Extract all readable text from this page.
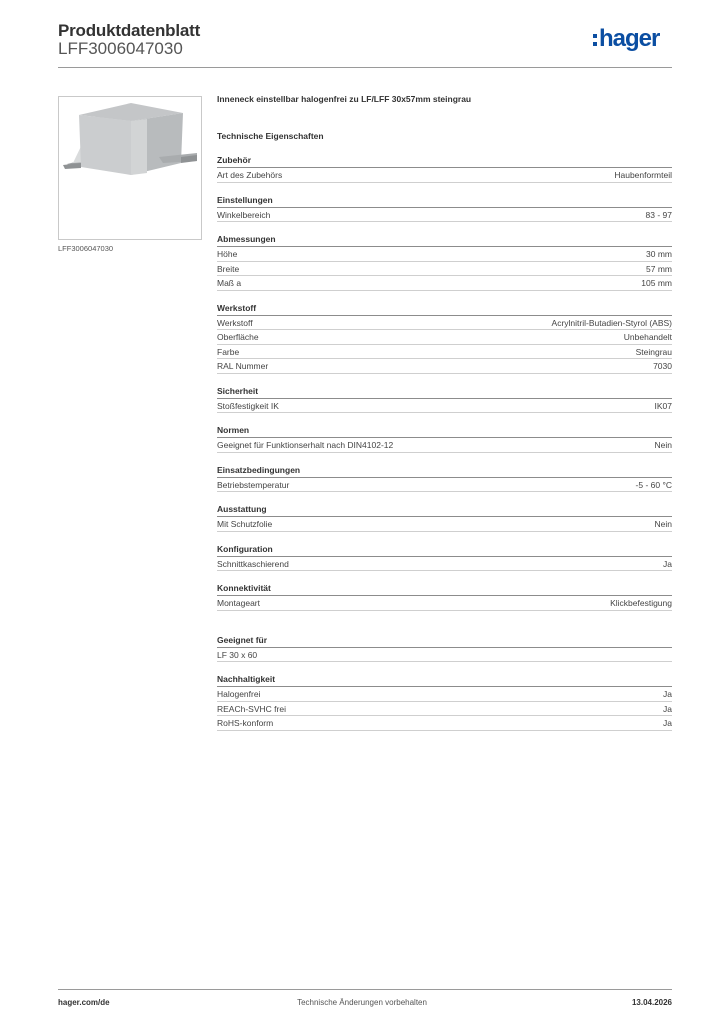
Produktdatenblatt
LFF3006047030	hager
LFF3006047030
Inneneck einstellbar halogenfrei zu LF/LFF 30x57mm steingrau
Technische Eigenschaften
Zubehör
Art des Zubehörs	Haubenformteil
Einstellungen
Winkelbereich	83 - 97
Abmessungen
Höhe	30 mm
Breite	57 mm
Maß a	105 mm
Werkstoff
Werkstoff	Acrylnitril-Butadien-Styrol (ABS)
Oberfläche	Unbehandelt
Farbe	Steingrau
RAL Nummer	7030
Sicherheit
Stoßfestigkeit IK	IK07
Normen
Geeignet für Funktionserhalt nach DIN4102-12	Nein
Einsatzbedingungen
Betriebstemperatur	-5 - 60 °C
Ausstattung
Mit Schutzfolie	Nein
Konfiguration
Schnittkaschierend	Ja
Konnektivität
Montageart	Klickbefestigung
Geeignet für
LF 30 x 60
Nachhaltigkeit
Halogenfrei	Ja
REACh-SVHC frei	Ja
RoHS-konform	Ja
hager.com/de	Technische Änderungen vorbehalten	13.04.2026
